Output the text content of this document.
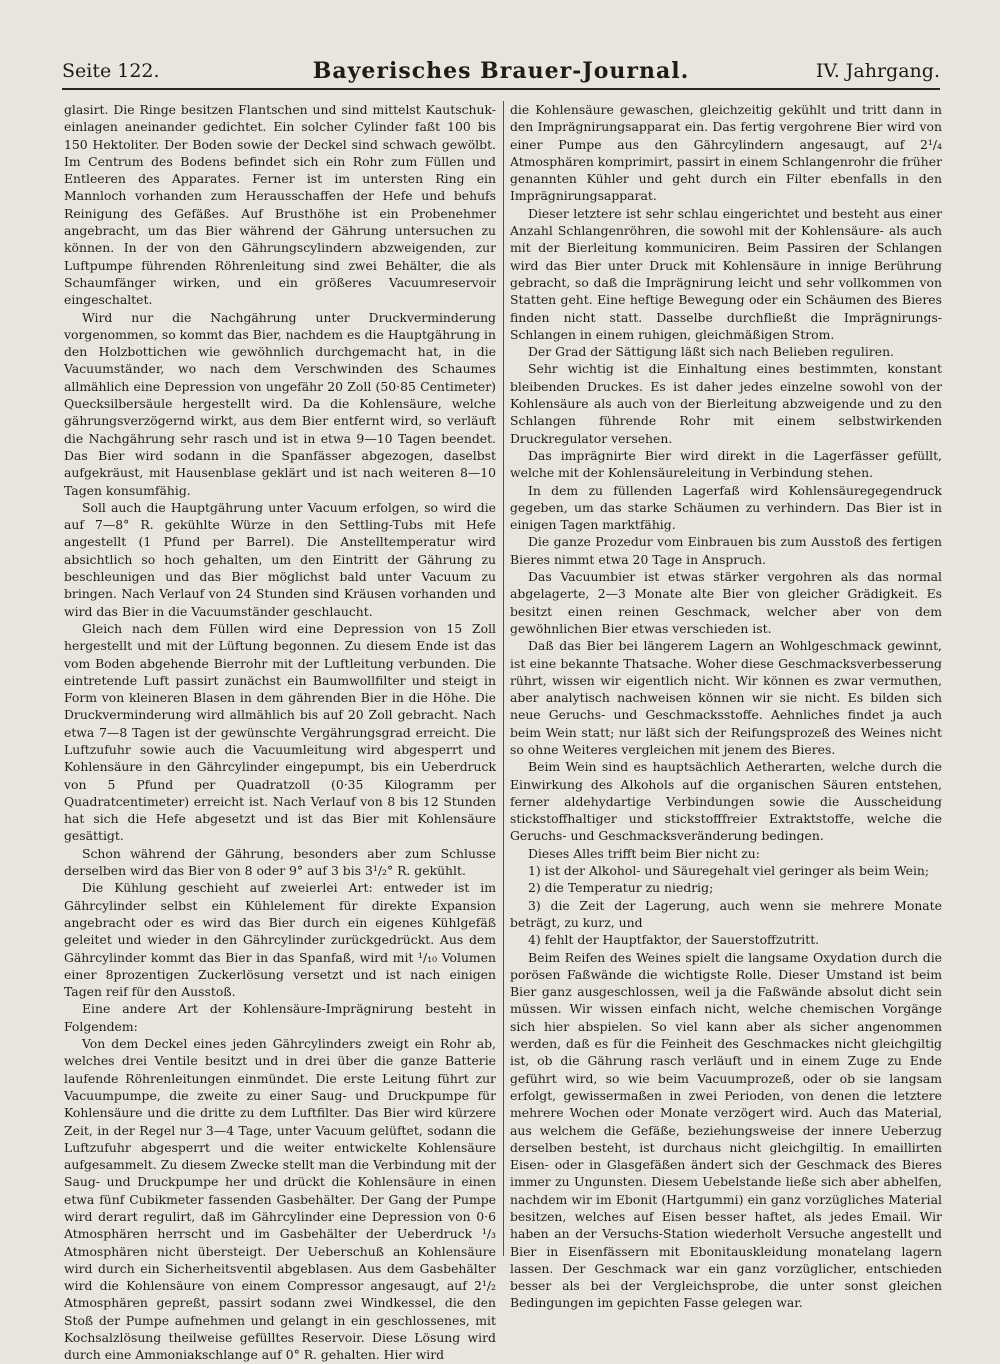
Seite 122.	Bayerisches Brauer-Journal.	IV. Jahrgang.

glasirt. Die Ringe besitzen Flantschen und sind mittelst Kautschuk-einlagen aneinander gedichtet. Ein solcher Cylinder faßt 100 bis 150 Hektoliter. Der Boden sowie der Deckel sind schwach gewölbt. Im Centrum des Bodens befindet sich ein Rohr zum Füllen und Entleeren des Apparates. Ferner ist im untersten Ring ein Mannloch vorhanden zum Herausschaffen der Hefe und behufs Reinigung des Gefäßes. Auf Brusthöhe ist ein Probenehmer angebracht, um das Bier während der Gährung untersuchen zu können. In der von den Gährungscylindern abzweigenden, zur Luftpumpe führenden Röhrenleitung sind zwei Behälter, die als Schaumfänger wirken, und ein größeres Vacuumreservoir eingeschaltet.

Wird nur die Nachgährung unter Druckverminderung vorgenommen, so kommt das Bier, nachdem es die Hauptgährung in den Holzbottichen wie gewöhnlich durchgemacht hat, in die Vacuumständer, wo nach dem Verschwinden des Schaumes allmählich eine Depression von ungefähr 20 Zoll (50·85 Centimeter) Quecksilbersäule hergestellt wird. Da die Kohlensäure, welche gährungsverzögernd wirkt, aus dem Bier entfernt wird, so verläuft die Nachgährung sehr rasch und ist in etwa 9—10 Tagen beendet. Das Bier wird sodann in die Spanfässer abgezogen, daselbst aufgekräust, mit Hausenblase geklärt und ist nach weiteren 8—10 Tagen konsumfähig.

Soll auch die Hauptgährung unter Vacuum erfolgen, so wird die auf 7—8° R. gekühlte Würze in den Settling-Tubs mit Hefe angestellt (1 Pfund per Barrel). Die Anstelltemperatur wird absichtlich so hoch gehalten, um den Eintritt der Gährung zu beschleunigen und das Bier möglichst bald unter Vacuum zu bringen. Nach Verlauf von 24 Stunden sind Kräusen vorhanden und wird das Bier in die Vacuumständer geschlaucht.

Gleich nach dem Füllen wird eine Depression von 15 Zoll hergestellt und mit der Lüftung begonnen. Zu diesem Ende ist das vom Boden abgehende Bierrohr mit der Luftleitung verbunden. Die eintretende Luft passirt zunächst ein Baumwollfilter und steigt in Form von kleineren Blasen in dem gährenden Bier in die Höhe. Die Druckverminderung wird allmählich bis auf 20 Zoll gebracht. Nach etwa 7—8 Tagen ist der gewünschte Vergährungsgrad erreicht. Die Luftzufuhr sowie auch die Vacuumleitung wird abgesperrt und Kohlensäure in den Gährcylinder eingepumpt, bis ein Ueberdruck von 5 Pfund per Quadratzoll (0·35 Kilogramm per Quadratcentimeter) erreicht ist. Nach Verlauf von 8 bis 12 Stunden hat sich die Hefe abgesetzt und ist das Bier mit Kohlensäure gesättigt.

Schon während der Gährung, besonders aber zum Schlusse derselben wird das Bier von 8 oder 9° auf 3 bis 3¹/₂° R. gekühlt.

Die Kühlung geschieht auf zweierlei Art: entweder ist im Gährcylinder selbst ein Kühlelement für direkte Expansion angebracht oder es wird das Bier durch ein eigenes Kühlgefäß geleitet und wieder in den Gährcylinder zurückgedrückt. Aus dem Gährcylinder kommt das Bier in das Spanfaß, wird mit ¹/₁₀ Volumen einer 8prozentigen Zuckerlösung versetzt und ist nach einigen Tagen reif für den Ausstoß.

Eine andere Art der Kohlensäure-Imprägnirung besteht in Folgendem:

Von dem Deckel eines jeden Gährcylinders zweigt ein Rohr ab, welches drei Ventile besitzt und in drei über die ganze Batterie laufende Röhrenleitungen einmündet. Die erste Leitung führt zur Vacuumpumpe, die zweite zu einer Saug- und Druckpumpe für Kohlensäure und die dritte zu dem Luftfilter. Das Bier wird kürzere Zeit, in der Regel nur 3—4 Tage, unter Vacuum gelüftet, sodann die Luftzufuhr abgesperrt und die weiter entwickelte Kohlensäure aufgesammelt. Zu diesem Zwecke stellt man die Verbindung mit der Saug- und Druckpumpe her und drückt die Kohlensäure in einen etwa fünf Cubikmeter fassenden Gasbehälter. Der Gang der Pumpe wird derart regulirt, daß im Gährcylinder eine Depression von 0·6 Atmosphären herrscht und im Gasbehälter der Ueberdruck ¹/₃ Atmosphären nicht übersteigt. Der Ueberschuß an Kohlensäure wird durch ein Sicherheitsventil abgeblasen. Aus dem Gasbehälter wird die Kohlensäure von einem Compressor angesaugt, auf 2¹/₂ Atmosphären gepreßt, passirt sodann zwei Windkessel, die den Stoß der Pumpe aufnehmen und gelangt in ein geschlossenes, mit Kochsalzlösung theilweise gefülltes Reservoir. Diese Lösung wird durch eine Ammoniakschlange auf 0° R. gehalten. Hier wird

die Kohlensäure gewaschen, gleichzeitig gekühlt und tritt dann in den Imprägnirungsapparat ein. Das fertig vergohrene Bier wird von einer Pumpe aus den Gährcylindern angesaugt, auf 2¹/₄ Atmosphären komprimirt, passirt in einem Schlangenrohr die früher genannten Kühler und geht durch ein Filter ebenfalls in den Imprägnirungsapparat.

Dieser letztere ist sehr schlau eingerichtet und besteht aus einer Anzahl Schlangenröhren, die sowohl mit der Kohlensäure- als auch mit der Bierleitung kommuniciren. Beim Passiren der Schlangen wird das Bier unter Druck mit Kohlensäure in innige Berührung gebracht, so daß die Imprägnirung leicht und sehr vollkommen von Statten geht. Eine heftige Bewegung oder ein Schäumen des Bieres finden nicht statt. Dasselbe durchfließt die Imprägnirungs-Schlangen in einem ruhigen, gleichmäßigen Strom.

Der Grad der Sättigung läßt sich nach Belieben reguliren.

Sehr wichtig ist die Einhaltung eines bestimmten, konstant bleibenden Druckes. Es ist daher jedes einzelne sowohl von der Kohlensäure als auch von der Bierleitung abzweigende und zu den Schlangen führende Rohr mit einem selbstwirkenden Druckregulator versehen.

Das imprägnirte Bier wird direkt in die Lagerfässer gefüllt, welche mit der Kohlensäureleitung in Verbindung stehen.

In dem zu füllenden Lagerfaß wird Kohlensäuregegendruck gegeben, um das starke Schäumen zu verhindern. Das Bier ist in einigen Tagen marktfähig.

Die ganze Prozedur vom Einbrauen bis zum Ausstoß des fertigen Bieres nimmt etwa 20 Tage in Anspruch.

Das Vacuumbier ist etwas stärker vergohren als das normal abgelagerte, 2—3 Monate alte Bier von gleicher Grädigkeit. Es besitzt einen reinen Geschmack, welcher aber von dem gewöhnlichen Bier etwas verschieden ist.

Daß das Bier bei längerem Lagern an Wohlgeschmack gewinnt, ist eine bekannte Thatsache. Woher diese Geschmacksverbesserung rührt, wissen wir eigentlich nicht. Wir können es zwar vermuthen, aber analytisch nachweisen können wir sie nicht. Es bilden sich neue Geruchs- und Geschmacksstoffe. Aehnliches findet ja auch beim Wein statt; nur läßt sich der Reifungsprozeß des Weines nicht so ohne Weiteres vergleichen mit jenem des Bieres.

Beim Wein sind es hauptsächlich Aetherarten, welche durch die Einwirkung des Alkohols auf die organischen Säuren entstehen, ferner aldehydartige Verbindungen sowie die Ausscheidung stickstoffhaltiger und stickstofffreier Extraktstoffe, welche die Geruchs- und Geschmacksveränderung bedingen.

Dieses Alles trifft beim Bier nicht zu:

1) ist der Alkohol- und Säuregehalt viel geringer als beim Wein;
2) die Temperatur zu niedrig;
3) die Zeit der Lagerung, auch wenn sie mehrere Monate beträgt, zu kurz, und
4) fehlt der Hauptfaktor, der Sauerstoffzutritt.

Beim Reifen des Weines spielt die langsame Oxydation durch die porösen Faßwände die wichtigste Rolle. Dieser Umstand ist beim Bier ganz ausgeschlossen, weil ja die Faßwände absolut dicht sein müssen. Wir wissen einfach nicht, welche chemischen Vorgänge sich hier abspielen. So viel kann aber als sicher angenommen werden, daß es für die Feinheit des Geschmackes nicht gleichgiltig ist, ob die Gährung rasch verläuft und in einem Zuge zu Ende geführt wird, so wie beim Vacuumprozeß, oder ob sie langsam erfolgt, gewissermaßen in zwei Perioden, von denen die letztere mehrere Wochen oder Monate verzögert wird. Auch das Material, aus welchem die Gefäße, beziehungsweise der innere Ueberzug derselben besteht, ist durchaus nicht gleichgiltig. In emaillirten Eisen- oder in Glasgefäßen ändert sich der Geschmack des Bieres immer zu Ungunsten. Diesem Uebelstande ließe sich aber abhelfen, nachdem wir im Ebonit (Hartgummi) ein ganz vorzügliches Material besitzen, welches auf Eisen besser haftet, als jedes Email. Wir haben an der Versuchs-Station wiederholt Versuche angestellt und Bier in Eisenfässern mit Ebonitauskleidung monatelang lagern lassen. Der Geschmack war ein ganz vorzüglicher, entschieden besser als bei der Vergleichsprobe, die unter sonst gleichen Bedingungen im gepichten Fasse gelegen war.
